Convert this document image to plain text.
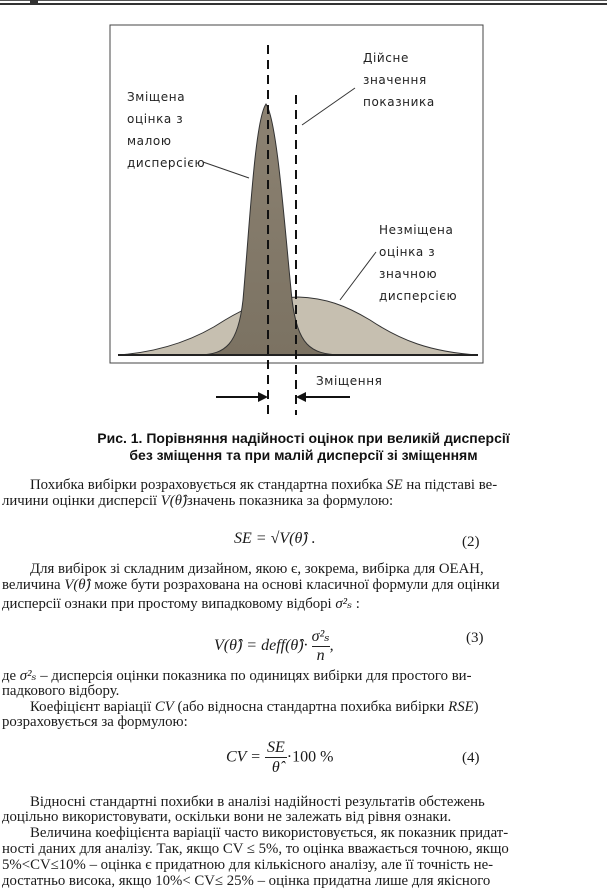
Зміщена
оцінка з
малою
дисперсією
Дійсне
значення
показника
Незміщена
оцінка з
значною
дисперсією
Зміщення
Рис. 1. Порівняння надійності оцінок при великій дисперсії
без зміщення та при малій дисперсії зі зміщенням
Похибка вибірки розраховується як стандартна похибка SE на підставі ве-
личини оцінки дисперсії V(θ̂)значень показника за формулою:
SE = √V(θ̂) .	(2)
Для вибірок зі складним дизайном, якою є, зокрема, вибірка для ОЕАН,
величина V(θ̂) може бути розрахована на основі класичної формули для оцінки
дисперсії ознаки при простому випадковому відборі σ²ₛ :
V(θ̂) = deff(θ̂)· $\frac{\text{σ²ₛ}}{n}$ ,	(3)
де σ²ₛ – дисперсія оцінки показника по одиницях вибірки для простого ви-
падкового відбору.
Коефіцієнт варіації CV (або відносна стандартна похибка вибірки RSE)
розраховується за формулою:
CV = $\frac{SE}{\thetâ} \cdot 100$ %	(4)
Відносні стандартні похибки в аналізі надійності результатів обстежень
доцільно використовувати, оскільки вони не залежать від рівня ознаки.
Величина коефіцієнта варіації часто використовується, як показник придат-
ності даних для аналізу. Так, якщо CV ≤ 5%, то оцінка вважається точною, якщо
5%<CV≤10% – оцінка є придатною для кількісного аналізу, але її точність не-
достатньо висока, якщо 10%< CV≤ 25% – оцінка придатна лише для якісного
